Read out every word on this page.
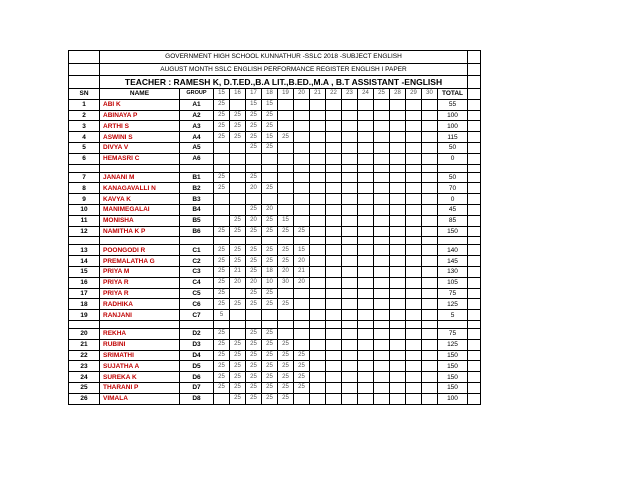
	GOVERNMENT HIGH SCHOOL KUNNATHUR -SSLC 2018 -SUBJECT ENGLISH																	
	AUGUST MONTH SSLC ENGLISH PERFORMANCE REGISTER ENGLISH I PAPER																	
	TEACHER : RAMESH K, D.T.ED.,B.A LIT.,B.ED.,M.A , B.T ASSISTANT -ENGLISH																	
SN	NAME	GROUP	15	16	17	18	19	20	21	22	23	24	25	28	29	30	TOTAL	
1	ABI K	A1	25		15	15											55	
2	ABINAYA P	A2	25	25	25	25											100	
3	ARTHI S	A3	25	25	25	25											100	
4	ASWINI S	A4	25	25	25	15	25										115	
5	DIVYA V	A5			25	25											50	
6	HEMASRI C	A6															0	

7	JANANI M	B1	25		25												50	
8	KANAGAVALLI N	B2	25		20	25											70	
9	KAVYA K	B3															0	
10	MANIMEGALAI	B4			25	20											45	
11	MONISHA	B5		25	20	25	15										85	
12	NAMITHA K P	B6	25	25	25	25	25	25									150	

13	POONGODI R	C1	25	25	25	25	25	15									140	
14	PREMALATHA G	C2	25	25	25	25	25	20									145	
15	PRIYA M	C3	25	21	25	18	20	21									130	
16	PRIYA R	C4	25	20	20	10	30	20									105	
17	PRIYA R	C5	25		25	25											75	
18	RADHIKA	C6	25	25	25	25	25										125	
19	RANJANI	C7	5														5	

20	REKHA	D2	25		25	25											75	
21	RUBINI	D3	25	25	25	25	25										125	
22	SRIMATHI	D4	25	25	25	25	25	25									150	
23	SUJATHA A	D5	25	25	25	25	25	25									150	
24	SUREKA K	D6	25	25	25	25	25	25									150	
25	THARANI P	D7	25	25	25	25	25	25									150	
26	VIMALA	D8		25	25	25	25										100	
